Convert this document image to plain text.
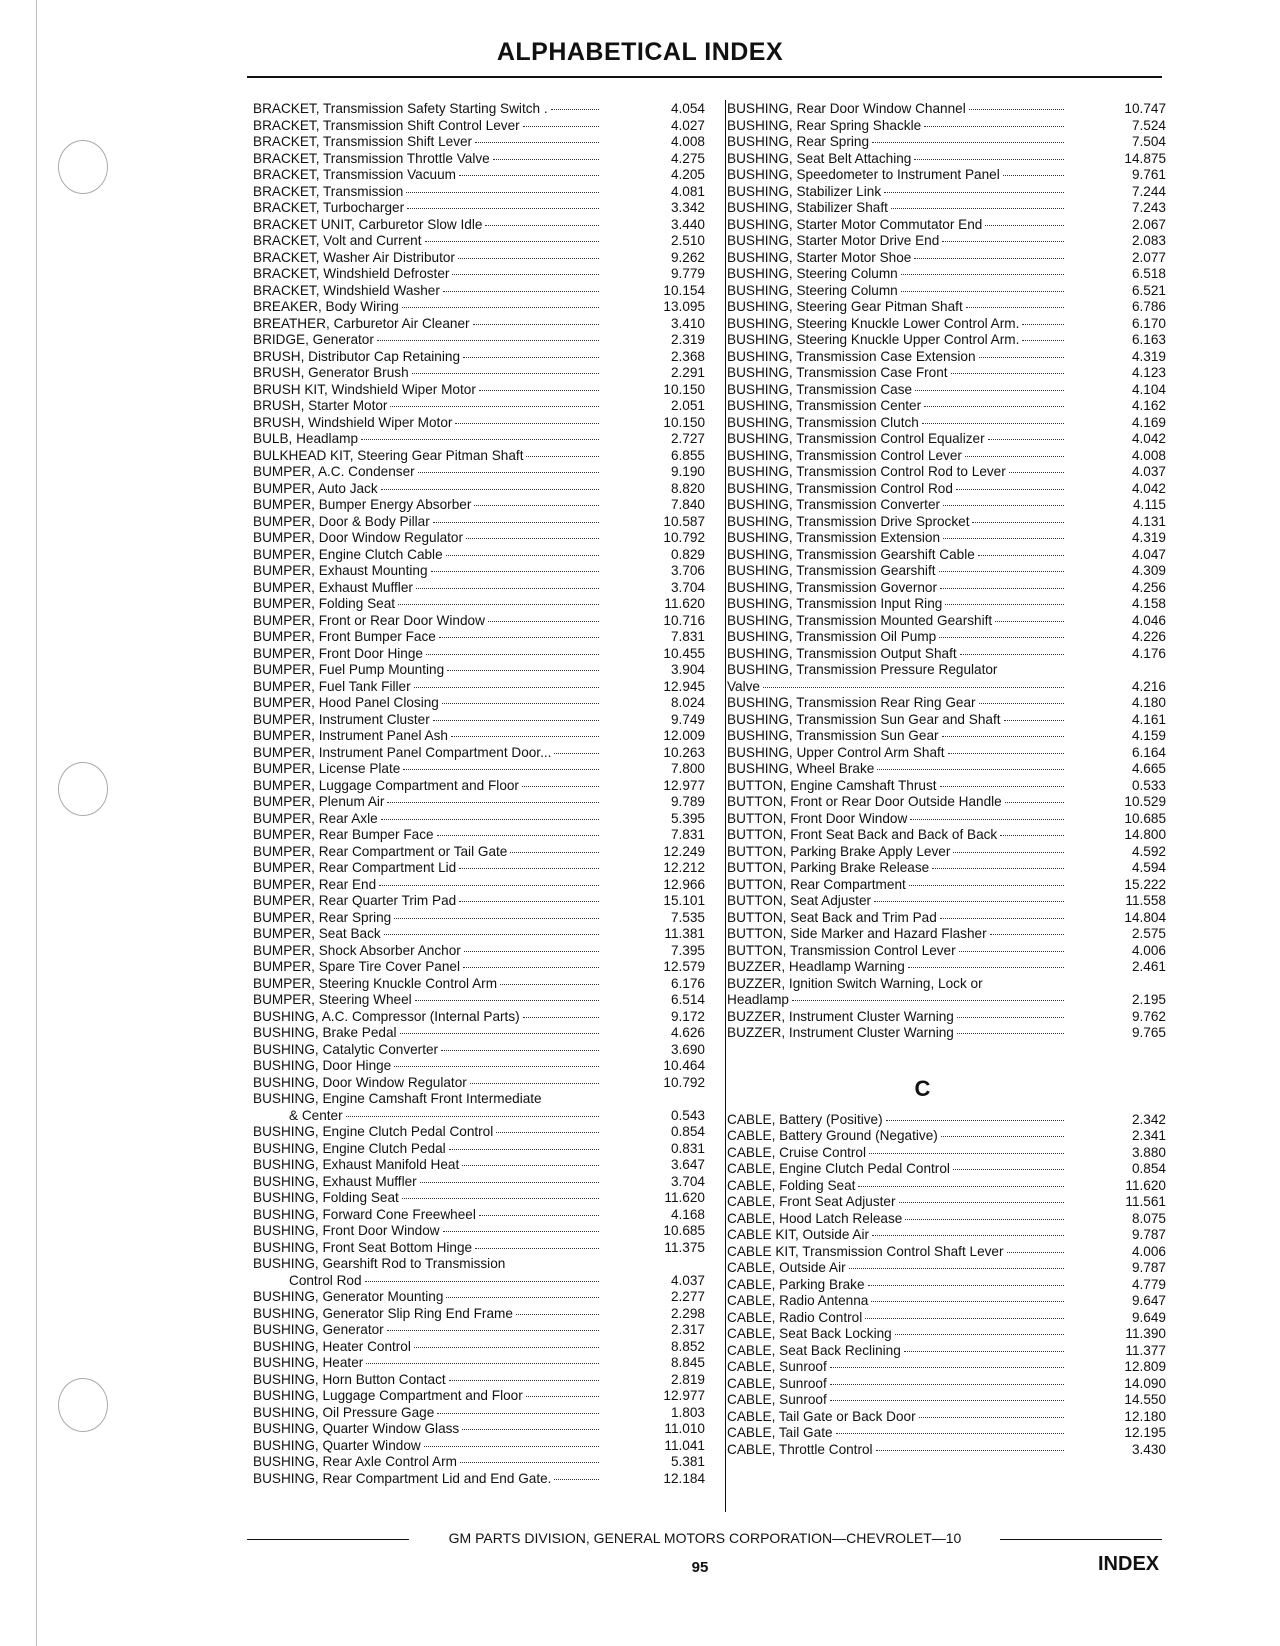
ALPHABETICAL INDEX
BRACKET, Transmission Safety Starting Switch .	4.054
BRACKET, Transmission Shift Control Lever	4.027
BRACKET, Transmission Shift Lever	4.008
BRACKET, Transmission Throttle Valve	4.275
BRACKET, Transmission Vacuum	4.205
BRACKET, Transmission	4.081
BRACKET, Turbocharger	3.342
BRACKET UNIT, Carburetor Slow Idle	3.440
BRACKET, Volt and Current	2.510
BRACKET, Washer Air Distributor	9.262
BRACKET, Windshield Defroster	9.779
BRACKET, Windshield Washer	10.154
BREAKER, Body Wiring	13.095
BREATHER, Carburetor Air Cleaner	3.410
BRIDGE, Generator	2.319
BRUSH, Distributor Cap Retaining	2.368
BRUSH, Generator Brush	2.291
BRUSH KIT, Windshield Wiper Motor	10.150
BRUSH, Starter Motor	2.051
BRUSH, Windshield Wiper Motor	10.150
BULB, Headlamp	2.727
BULKHEAD KIT, Steering Gear Pitman Shaft	6.855
BUMPER, A.C. Condenser	9.190
BUMPER, Auto Jack	8.820
BUMPER, Bumper Energy Absorber	7.840
BUMPER, Door & Body Pillar	10.587
BUMPER, Door Window Regulator	10.792
BUMPER, Engine Clutch Cable	0.829
BUMPER, Exhaust Mounting	3.706
BUMPER, Exhaust Muffler	3.704
BUMPER, Folding Seat	11.620
BUMPER, Front or Rear Door Window	10.716
BUMPER, Front Bumper Face	7.831
BUMPER, Front Door Hinge	10.455
BUMPER, Fuel Pump Mounting	3.904
BUMPER, Fuel Tank Filler	12.945
BUMPER, Hood Panel Closing	8.024
BUMPER, Instrument Cluster	9.749
BUMPER, Instrument Panel Ash	12.009
BUMPER, Instrument Panel Compartment Door...	10.263
BUMPER, License Plate	7.800
BUMPER, Luggage Compartment and Floor	12.977
BUMPER, Plenum Air	9.789
BUMPER, Rear Axle	5.395
BUMPER, Rear Bumper Face	7.831
BUMPER, Rear Compartment or Tail Gate	12.249
BUMPER, Rear Compartment Lid	12.212
BUMPER, Rear End	12.966
BUMPER, Rear Quarter Trim Pad	15.101
BUMPER, Rear Spring	7.535
BUMPER, Seat Back	11.381
BUMPER, Shock Absorber Anchor	7.395
BUMPER, Spare Tire Cover Panel	12.579
BUMPER, Steering Knuckle Control Arm	6.176
BUMPER, Steering Wheel	6.514
BUSHING, A.C. Compressor (Internal Parts)	9.172
BUSHING, Brake Pedal	4.626
BUSHING, Catalytic Converter	3.690
BUSHING, Door Hinge	10.464
BUSHING, Door Window Regulator	10.792
BUSHING, Engine Camshaft Front Intermediate
& Center	0.543
BUSHING, Engine Clutch Pedal Control	0.854
BUSHING, Engine Clutch Pedal	0.831
BUSHING, Exhaust Manifold Heat	3.647
BUSHING, Exhaust Muffler	3.704
BUSHING, Folding Seat	11.620
BUSHING, Forward Cone Freewheel	4.168
BUSHING, Front Door Window	10.685
BUSHING, Front Seat Bottom Hinge	11.375
BUSHING, Gearshift Rod to Transmission
Control Rod	4.037
BUSHING, Generator Mounting	2.277
BUSHING, Generator Slip Ring End Frame	2.298
BUSHING, Generator	2.317
BUSHING, Heater Control	8.852
BUSHING, Heater	8.845
BUSHING, Horn Button Contact	2.819
BUSHING, Luggage Compartment and Floor	12.977
BUSHING, Oil Pressure Gage	1.803
BUSHING, Quarter Window Glass	11.010
BUSHING, Quarter Window	11.041
BUSHING, Rear Axle Control Arm	5.381
BUSHING, Rear Compartment Lid and End Gate.	12.184
BUSHING, Rear Door Window Channel	10.747
BUSHING, Rear Spring Shackle	7.524
BUSHING, Rear Spring	7.504
BUSHING, Seat Belt Attaching	14.875
BUSHING, Speedometer to Instrument Panel	9.761
BUSHING, Stabilizer Link	7.244
BUSHING, Stabilizer Shaft	7.243
BUSHING, Starter Motor Commutator End	2.067
BUSHING, Starter Motor Drive End	2.083
BUSHING, Starter Motor Shoe	2.077
BUSHING, Steering Column	6.518
BUSHING, Steering Column	6.521
BUSHING, Steering Gear Pitman Shaft	6.786
BUSHING, Steering Knuckle Lower Control Arm.	6.170
BUSHING, Steering Knuckle Upper Control Arm.	6.163
BUSHING, Transmission Case Extension	4.319
BUSHING, Transmission Case Front	4.123
BUSHING, Transmission Case	4.104
BUSHING, Transmission Center	4.162
BUSHING, Transmission Clutch	4.169
BUSHING, Transmission Control Equalizer	4.042
BUSHING, Transmission Control Lever	4.008
BUSHING, Transmission Control Rod to Lever	4.037
BUSHING, Transmission Control Rod	4.042
BUSHING, Transmission Converter	4.115
BUSHING, Transmission Drive Sprocket	4.131
BUSHING, Transmission Extension	4.319
BUSHING, Transmission Gearshift Cable	4.047
BUSHING, Transmission Gearshift	4.309
BUSHING, Transmission Governor	4.256
BUSHING, Transmission Input Ring	4.158
BUSHING, Transmission Mounted Gearshift	4.046
BUSHING, Transmission Oil Pump	4.226
BUSHING, Transmission Output Shaft	4.176
BUSHING, Transmission Pressure Regulator
Valve	4.216
BUSHING, Transmission Rear Ring Gear	4.180
BUSHING, Transmission Sun Gear and Shaft	4.161
BUSHING, Transmission Sun Gear	4.159
BUSHING, Upper Control Arm Shaft	6.164
BUSHING, Wheel Brake	4.665
BUTTON, Engine Camshaft Thrust	0.533
BUTTON, Front or Rear Door Outside Handle	10.529
BUTTON, Front Door Window	10.685
BUTTON, Front Seat Back and Back of Back	14.800
BUTTON, Parking Brake Apply Lever	4.592
BUTTON, Parking Brake Release	4.594
BUTTON, Rear Compartment	15.222
BUTTON, Seat Adjuster	11.558
BUTTON, Seat Back and Trim Pad	14.804
BUTTON, Side Marker and Hazard Flasher	2.575
BUTTON, Transmission Control Lever	4.006
BUZZER, Headlamp Warning	2.461
BUZZER, Ignition Switch Warning, Lock or
Headlamp	2.195
BUZZER, Instrument Cluster Warning	9.762
BUZZER, Instrument Cluster Warning	9.765
C
CABLE, Battery (Positive)	2.342
CABLE, Battery Ground (Negative)	2.341
CABLE, Cruise Control	3.880
CABLE, Engine Clutch Pedal Control	0.854
CABLE, Folding Seat	11.620
CABLE, Front Seat Adjuster	11.561
CABLE, Hood Latch Release	8.075
CABLE KIT, Outside Air	9.787
CABLE KIT, Transmission Control Shaft Lever	4.006
CABLE, Outside Air	9.787
CABLE, Parking Brake	4.779
CABLE, Radio Antenna	9.647
CABLE, Radio Control	9.649
CABLE, Seat Back Locking	11.390
CABLE, Seat Back Reclining	11.377
CABLE, Sunroof	12.809
CABLE, Sunroof	14.090
CABLE, Sunroof	14.550
CABLE, Tail Gate or Back Door	12.180
CABLE, Tail Gate	12.195
CABLE, Throttle Control	3.430
GM PARTS DIVISION, GENERAL MOTORS CORPORATION—CHEVROLET—10
95	INDEX
